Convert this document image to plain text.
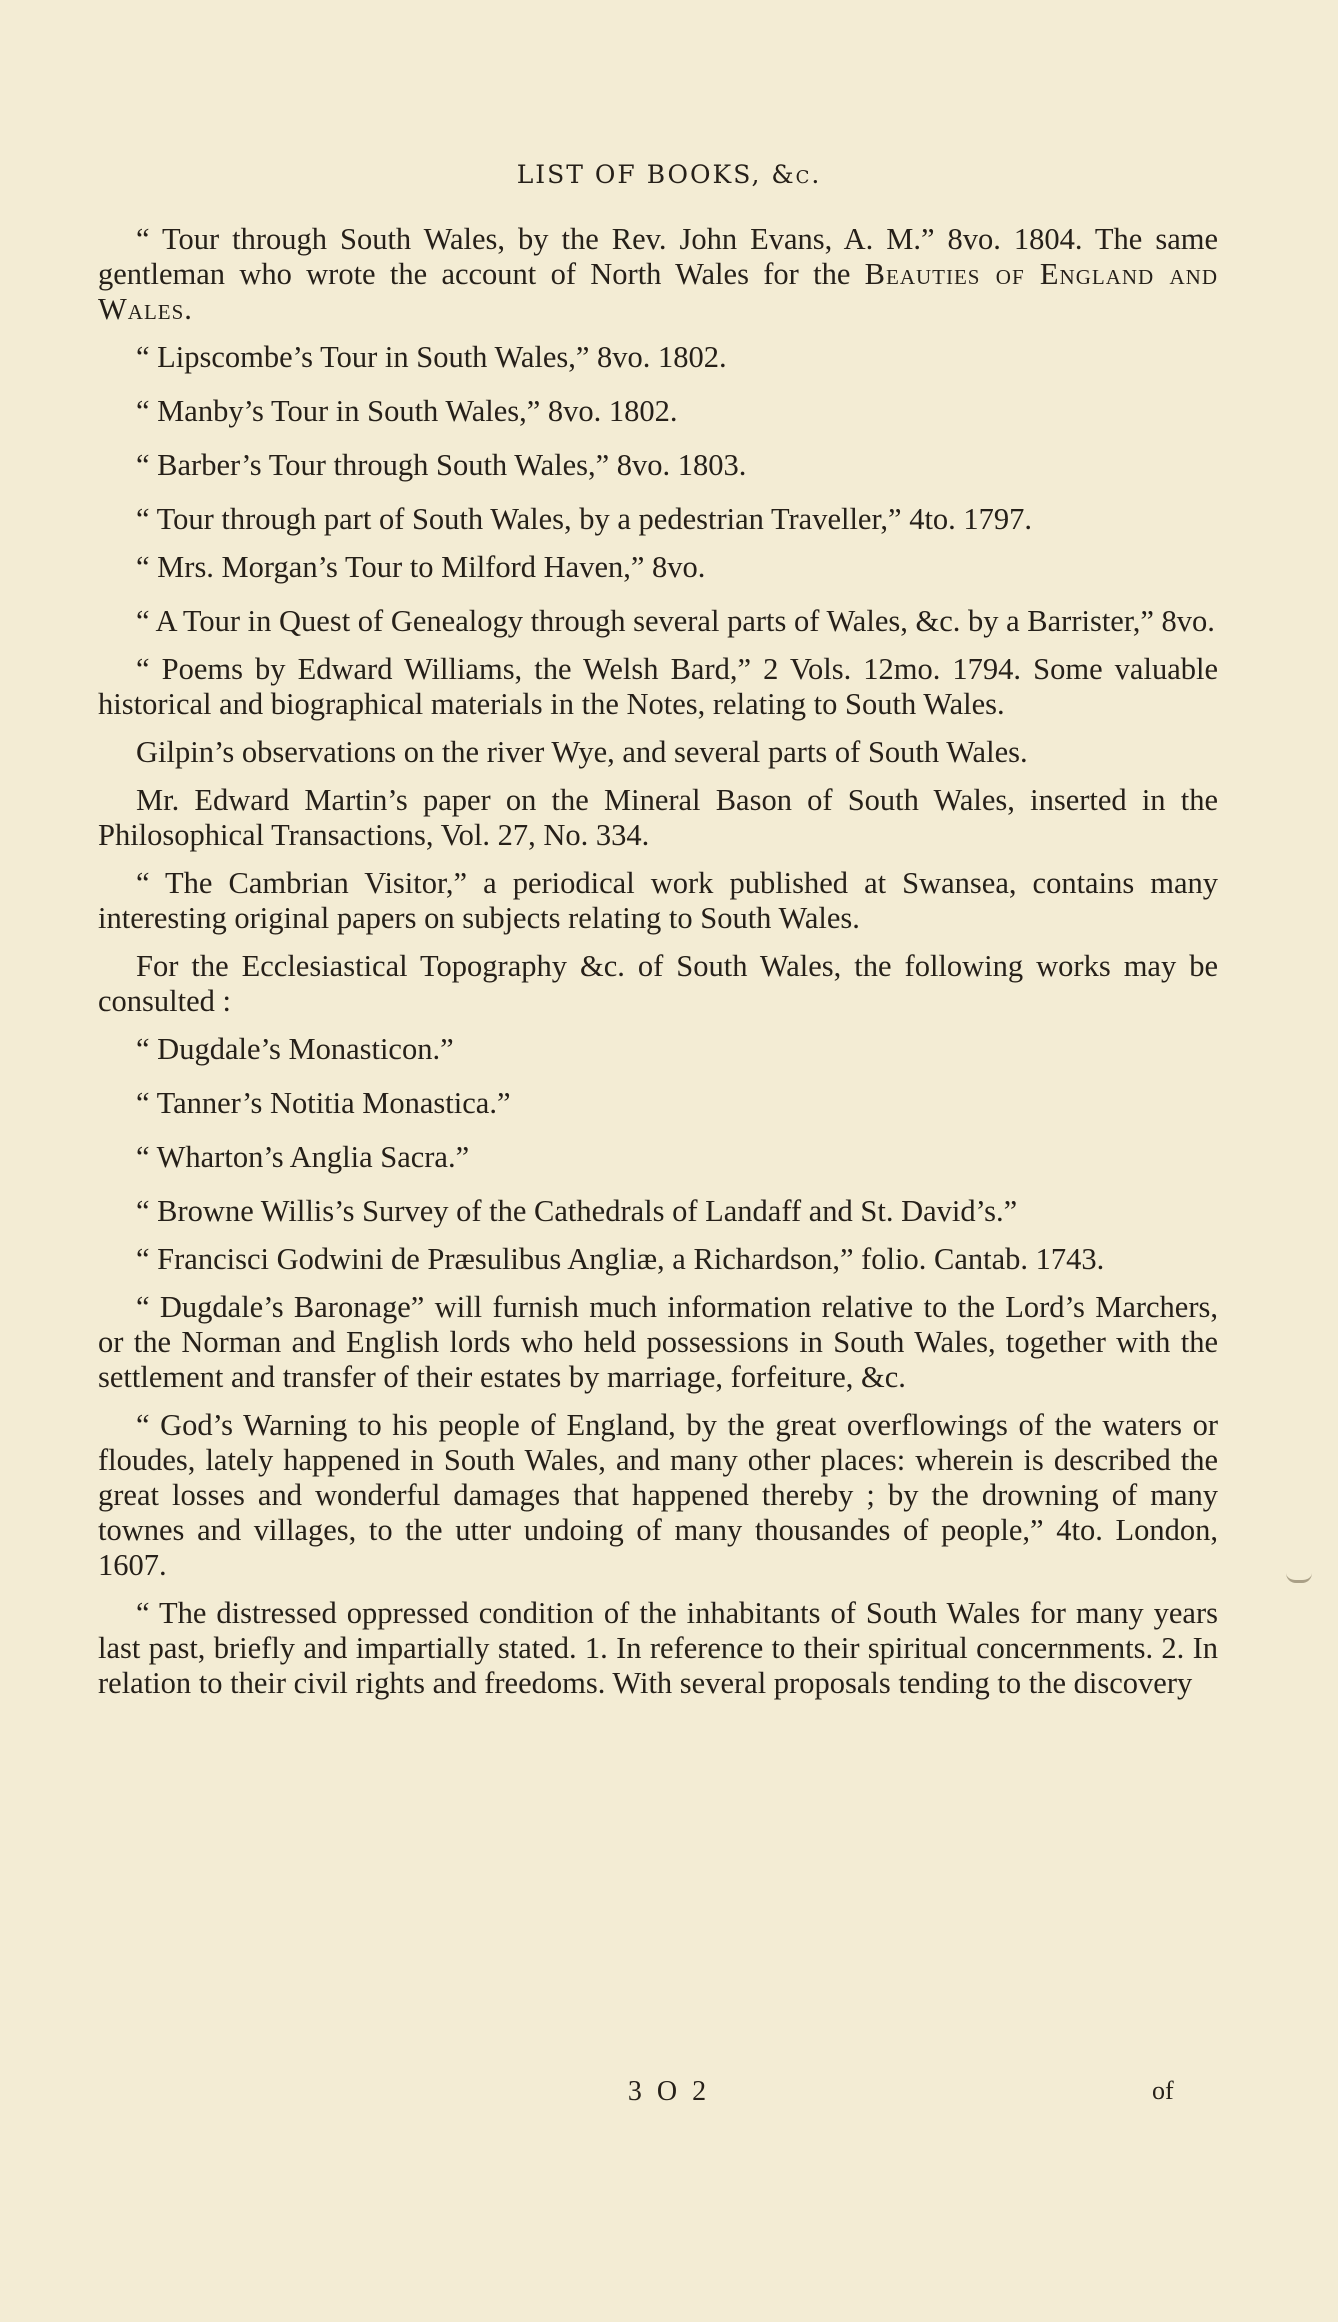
LIST OF BOOKS, &c.

“ Tour through South Wales, by the Rev. John Evans, A. M.” 8vo. 1804. The same gentleman who wrote the account of North Wales for the Beauties of England and Wales.

“ Lipscombe’s Tour in South Wales,” 8vo. 1802.

“ Manby’s Tour in South Wales,” 8vo. 1802.

“ Barber’s Tour through South Wales,” 8vo. 1803.

“ Tour through part of South Wales, by a pedestrian Traveller,” 4to. 1797.

“ Mrs. Morgan’s Tour to Milford Haven,” 8vo.

“ A Tour in Quest of Genealogy through several parts of Wales, &c. by a Barrister,” 8vo.

“ Poems by Edward Williams, the Welsh Bard,” 2 Vols. 12mo. 1794. Some valuable historical and biographical materials in the Notes, relating to South Wales.

Gilpin’s observations on the river Wye, and several parts of South Wales.

Mr. Edward Martin’s paper on the Mineral Bason of South Wales, inserted in the Philosophical Transactions, Vol. 27, No. 334.

“ The Cambrian Visitor,” a periodical work published at Swansea, contains many interesting original papers on subjects relating to South Wales.

For the Ecclesiastical Topography &c. of South Wales, the following works may be consulted :

“ Dugdale’s Monasticon.”

“ Tanner’s Notitia Monastica.”

“ Wharton’s Anglia Sacra.”

“ Browne Willis’s Survey of the Cathedrals of Landaff and St. David’s.”

“ Francisci Godwini de Præsulibus Angliæ, a Richardson,” folio. Cantab. 1743.

“ Dugdale’s Baronage” will furnish much information relative to the Lord’s Marchers, or the Norman and English lords who held possessions in South Wales, together with the settlement and transfer of their estates by marriage, forfeiture, &c.

“ God’s Warning to his people of England, by the great overflowings of the waters or floudes, lately happened in South Wales, and many other places: wherein is described the great losses and wonderful damages that happened thereby ; by the drowning of many townes and villages, to the utter undoing of many thousandes of people,” 4to. London, 1607.

“ The distressed oppressed condition of the inhabitants of South Wales for many years last past, briefly and impartially stated. 1. In reference to their spiritual concernments. 2. In relation to their civil rights and freedoms. With several proposals tending to the discovery

3 O 2	of
